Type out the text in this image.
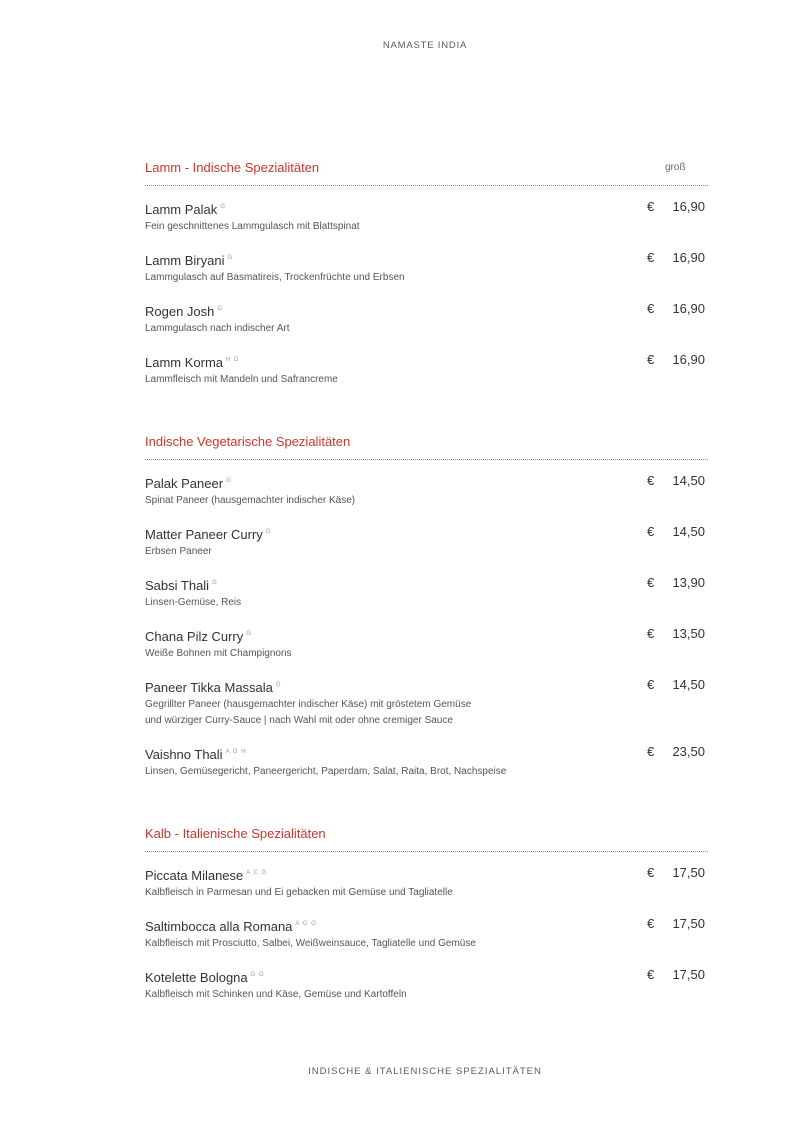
NAMASTE INDIA
Lamm - Indische Spezialitäten	groß
Lamm Palak $^G$
Fein geschnittenes Lammgulasch mit Blattspinat
€ 16,90
Lamm Biryani $^G$
Lammgulasch auf Basmatireis, Trockenfrüchte und Erbsen
€ 16,90
Rogen Josh $^G$
Lammgulasch nach indischer Art
€ 16,90
Lamm Korma $^{H G}$
Lammfleisch mit Mandeln und Safrancreme
€ 16,90
Indische Vegetarische Spezialitäten
Palak Paneer $^G$
Spinat Paneer (hausgemachter indischer Käse)
€ 14,50
Matter Paneer Curry $^G$
Erbsen Paneer
€ 14,50
Sabsi Thali $^G$
Linsen-Gemüse, Reis
€ 13,90
Chana Pilz Curry $^G$
Weiße Bohnen mit Champignons
€ 13,50
Paneer Tikka Massala $^G$
Gegrillter Paneer (hausgemachter indischer Käse) mit gröstetem Gemüse
und würziger Curry-Sauce | nach Wahl mit oder ohne cremiger Sauce
€ 14,50
Vaishno Thali $^{A G H}$
Linsen, Gemüsegericht, Paneergericht, Paperdam, Salat, Raita, Brot, Nachspeise
€ 23,50
Kalb - Italienische Spezialitäten
Piccata Milanese $^{A C G}$
Kalbfleisch in Parmesan und Ei gebacken mit Gemüse und Tagliatelle
€ 17,50
Saltimbocca alla Romana $^{A G O}$
Kalbfleisch mit Prosciutto, Salbei, Weißweinsauce, Tagliatelle und Gemüse
€ 17,50
Kotelette Bologna $^{G O}$
Kalbfleisch mit Schinken und Käse, Gemüse und Kartoffeln
€ 17,50
INDISCHE & ITALIENISCHE SPEZIALITÄTEN
